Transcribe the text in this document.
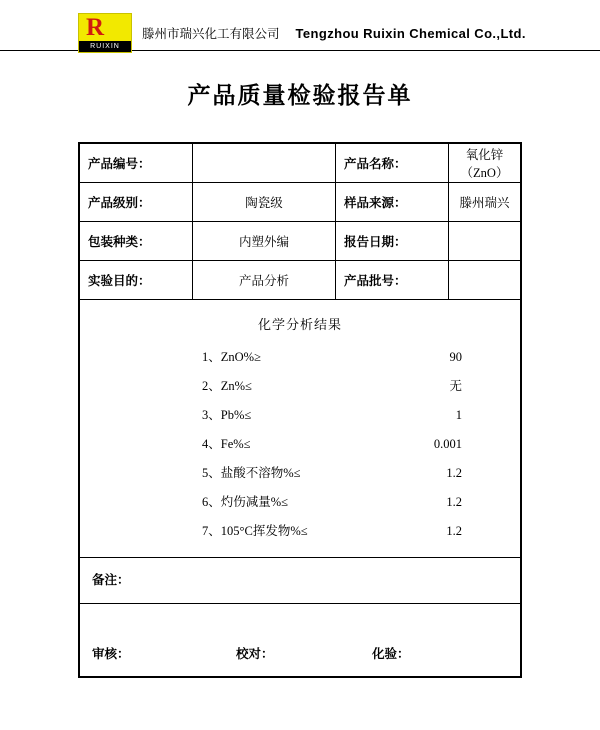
R
RUIXIN
滕州市瑞兴化工有限公司 Tengzhou Ruixin Chemical Co.,Ltd.
产品质量检验报告单
产品编号：		产品名称：	氧化锌（ZnO）
产品级别：	陶瓷级	样品来源：	滕州瑞兴
包装种类：	内塑外编	报告日期：	
实验目的：	产品分析	产品批号：	
化学分析结果
1、ZnO%≥	90
2、Zn%≤	无
3、Pb%≤	1
4、Fe%≤	0.001
5、盐酸不溶物%≤	1.2
6、灼伤减量%≤	1.2
7、105°C挥发物%≤	1.2
备注：
审核：	校对：	化验：
